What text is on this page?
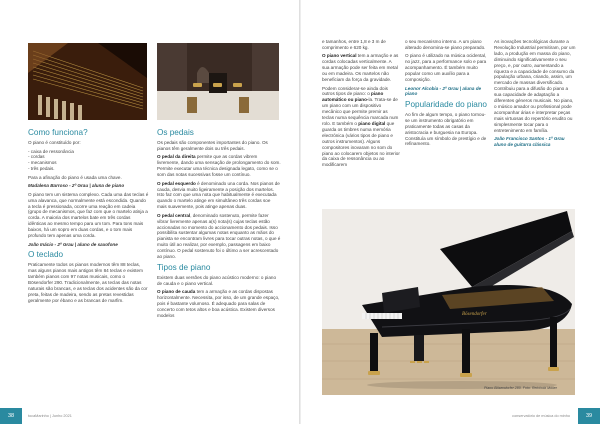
Como funciona?

O piano é constituído por:

- caixa de ressonância

- cordas

- mecanismos

- três pedais.

Para a afinação do piano é usada uma chave.

Madalena Barroso - 2º Grau | aluna de piano

O piano tem um sistema complexo. Cada uma das teclas é uma alavanca, que normalmente está escondida. Quando a tecla é pressionada, ocorre uma reação em cadeia (grupo de mecanismos, que faz com que o martelo atinja a corda. A maioria dos martelos bate em três cordas idênticas ao mesmo tempo para um tom. Para tons mais baixos, há um sopro em duas cordas, e o tom mais profundo tem apenas uma corda.

João Inácio - 2º Grau | aluno de saxofone

O teclado

Praticamente todos os pianos modernos têm 88 teclas, mas alguns pianos mais antigos têm 84 teclas e existem também pianos com 97 notas musicais, como o Bösendorfer 290. Tradicionalmente, as teclas das notas naturais são brancas, e as teclas dos acidentes são da cor preta, feitas de madeira, sendo as pretas revestidas geralmente por ébano e as brancas de marfim.

Os pedais

Os pedais são componentes importantes do piano. Os pianos têm geralmente dois ou três pedais.

O pedal da direita permite que as cordas vibrem livremente, dando uma sensação de prolongamento do som. Permite executar uma técnica designada legato, como se o som das notas sucessivas fosse um contínuo.

O pedal esquerdo é denominado una corda. Nos pianos de cauda, desvia muito ligeiramente a posição dos martelos. Isto faz com que uma nota que habitualmente é executada quando o martelo atinge em simultâneo três cordas soe mais suavemente, pois atinge apenas duas.

O pedal central, denominado sostenuto, permite fazer vibrar livremente apenas a(s) nota(s) cujas teclas estão accionadas no momento do accionamento dos pedais. Isso possibilita sustentar algumas notas enquanto as mãos do pianista se encontram livres para tocar outras notas, o que é muito útil ao realizar, por exemplo, passagens em baixo contínuo. O pedal sostenuto foi o último a ser acrescentado ao piano.

Tipos de piano

Existem duas versões do piano acústico moderno: o piano de cauda e o piano vertical.

O piano de cauda tem a armação e as cordas dispostas horizontalmente. Necessita, por isso, de um grande espaço, pois é bastante volumoso. É adequado para salas de concerto com tetos altos e boa acústica. Existem diversos modelos

e tamanhos, entre 1,8 e 3 m de comprimento e 620 kg.

O piano vertical tem a armação e as cordas colocadas verticalmente. A sua armação pode ser feita em metal ou em madeira. Os martelos não beneficiam da força da gravidade.

Podem considerar-se ainda dois outros tipos de piano: o piano automático ou piano-la. Trata-se de um piano com um dispositivo mecânico que permite premir as teclas numa sequência marcada num rolo. E também o piano digital que guarda os timbres numa memória electrónica (vários tipos de piano e outros instrumentos). Alguns compositores inovaram no som do piano ao colocarem objetos no interior da caixa de ressonância ou ao modificarem

o seu mecanismo interno. A um piano alterado denomina-se piano preparado.

O piano é utilizado na música ocidental, no jazz, para a performance solo e para acompanhamento. É também muito popular como um auxílio para a composição.

Leonor Alcobia - 2º Grau | aluna de piano

Popularidade do piano

Ao fim de algum tempo, o piano tornou-se um instrumento obrigatório em praticamente todas as casas da aristocracia e burguesia na Europa. Constituía um símbolo de prestígio e de refinamento.

As inovações tecnológicas durante a Revolução Industrial permitiram, por um lado, a produção em massa do piano, diminuindo significativamente o seu preço, e, por outro, aumentando a riqueza e a capacidade de consumo da população urbana, criando, assim, um mercado de massas diversificado. Contribuiu para a difusão do piano a sua capacidade de adaptação a diferentes géneros musicais. No piano, o músico amador ou profissional pode acompanhar árias e interpretar peças mais virtuosas do repertório erudito ou simplesmente tocar para o entretenimento em família.

João Francisco Santos - 1º Grau aluno de guitarra clássica

Bösendorfer
Piano Bösendorfer 280. Foto: Reinhold Möller
38	tocaMarinho | Junho 2021	conservatório de música do minho	39
